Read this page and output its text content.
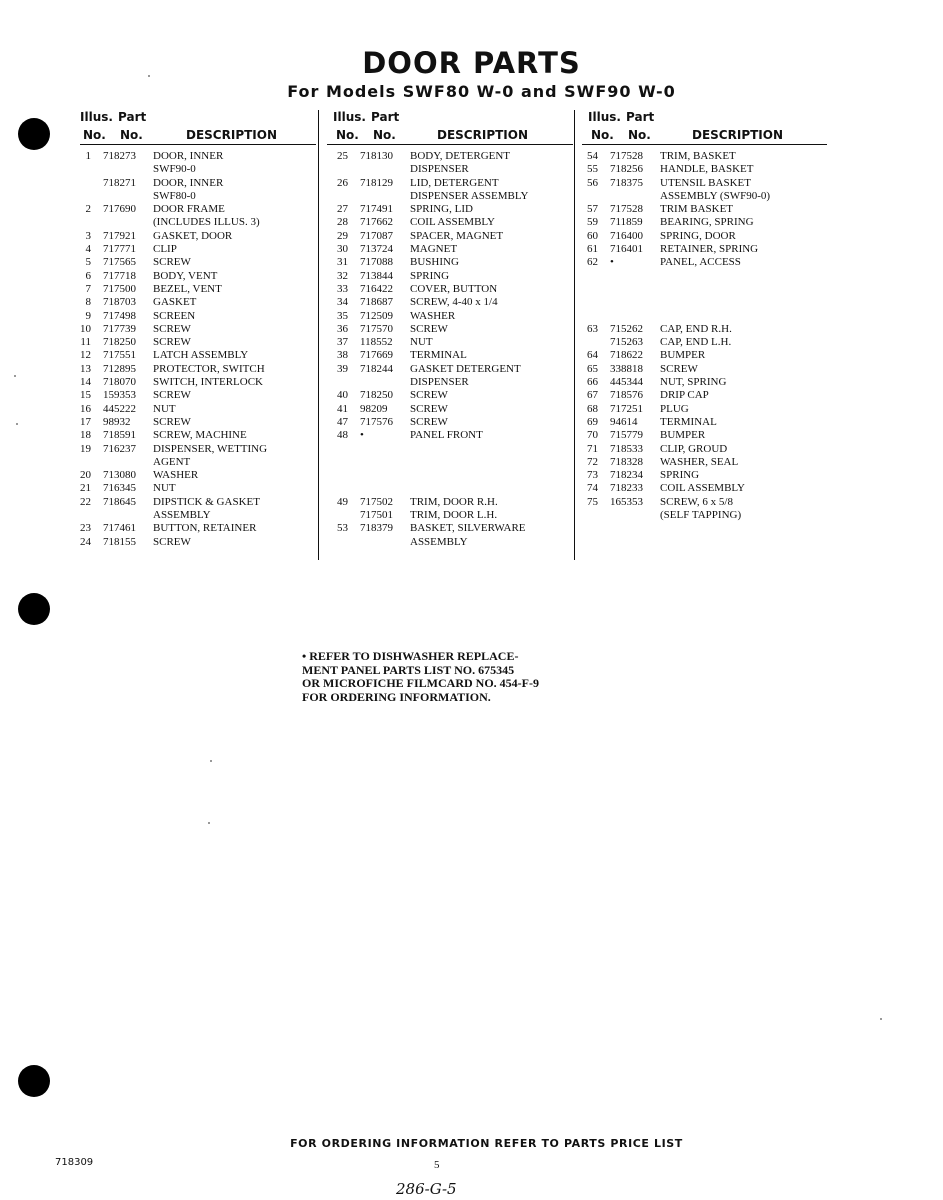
DOOR PARTS
For Models SWF80 W-0 and SWF90 W-0
Illus.
No.
Part
No.	DESCRIPTION
1 718273 DOOR, INNER
SWF90-0
718271 DOOR, INNER
SWF80-0
2 717690 DOOR FRAME
(INCLUDES ILLUS. 3)
3 717921 GASKET, DOOR
4 717771 CLIP
5 717565 SCREW
6 717718 BODY, VENT
7 717500 BEZEL, VENT
8 718703 GASKET
9 717498 SCREEN
10 717739 SCREW
11 718250 SCREW
12 717551 LATCH ASSEMBLY
13 712895 PROTECTOR, SWITCH
14 718070 SWITCH, INTERLOCK
15 159353 SCREW
16 445222 NUT
17 98932 SCREW
18 718591 SCREW, MACHINE
19 716237 DISPENSER, WETTING
AGENT
20 713080 WASHER
21 716345 NUT
22 718645 DIPSTICK & GASKET
ASSEMBLY
23 717461 BUTTON, RETAINER
24 718155 SCREW
Illus.
No.
Part
No.	DESCRIPTION
25 718130 BODY, DETERGENT
DISPENSER
26 718129 LID, DETERGENT
DISPENSER ASSEMBLY
27 717491 SPRING, LID
28 717662 COIL ASSEMBLY
29 717087 SPACER, MAGNET
30 713724 MAGNET
31 717088 BUSHING
32 713844 SPRING
33 716422 COVER, BUTTON
34 718687 SCREW, 4-40 x 1/4
35 712509 WASHER
36 717570 SCREW
37 118552 NUT
38 717669 TERMINAL
39 718244 GASKET DETERGENT
DISPENSER
40 718250 SCREW
41 98209 SCREW
47 717576 SCREW
48 •	PANEL FRONT
49 717502 TRIM, DOOR R.H.
717501 TRIM, DOOR L.H.
53 718379 BASKET, SILVERWARE
ASSEMBLY
Illus.
No.
Part
No.	DESCRIPTION
54 717528 TRIM, BASKET
55 718256 HANDLE, BASKET
56 718375 UTENSIL BASKET
ASSEMBLY (SWF90-0)
57 717528 TRIM BASKET
59 711859 BEARING, SPRING
60 716400 SPRING, DOOR
61 716401 RETAINER, SPRING
62 •	PANEL, ACCESS
63 715262 CAP, END R.H.
715263 CAP, END L.H.
64 718622 BUMPER
65 338818 SCREW
66 445344 NUT, SPRING
67 718576 DRIP CAP
68 717251 PLUG
69 94614 TERMINAL
70 715779 BUMPER
71 718533 CLIP, GROUD
72 718328 WASHER, SEAL
73 718234 SPRING
74 718233 COIL ASSEMBLY
75 165353 SCREW, 6 x 5/8
(SELF TAPPING)
• REFER TO DISHWASHER REPLACE-
MENT PANEL PARTS LIST NO. 675345
OR MICROFICHE FILMCARD NO. 454-F-9
FOR ORDERING INFORMATION.
FOR ORDERING INFORMATION REFER TO PARTS PRICE LIST
718309	5
286-G-5
